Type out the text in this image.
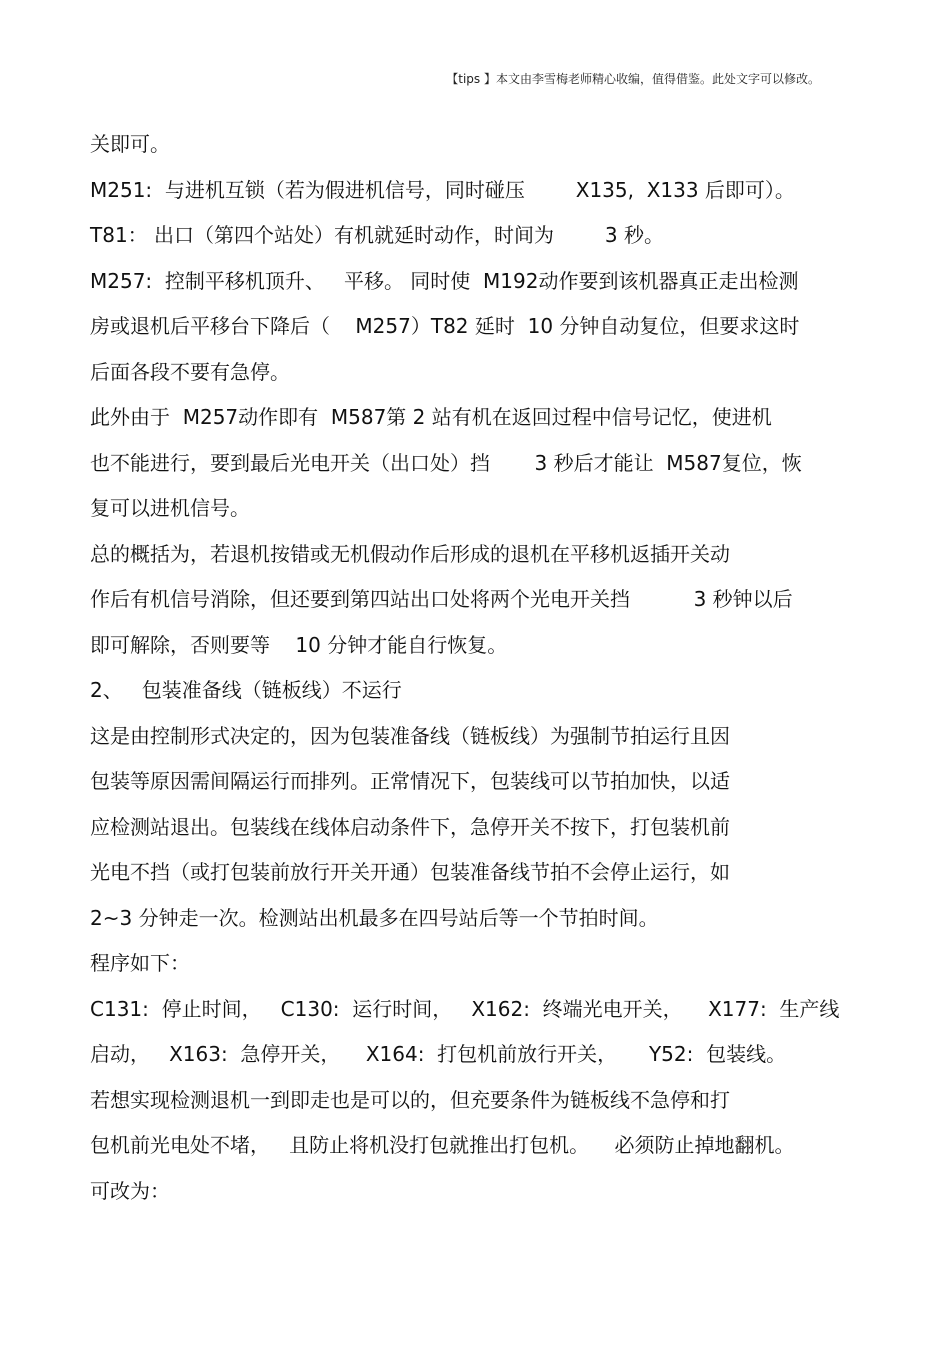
【tips 】本文由李雪梅老师精心收编，值得借鉴。此处文字可以修改。
关即可。
M251:  与进机互锁（若为假进机信号，同时碰压        X135,  X133 后即可）。
T81： 出口（第四个站处）有机就延时动作，时间为        3 秒。
M257:  控制平移机顶升、   平移。 同时使  M192动作要到该机器真正走出检测
房或退机后平移台下降后（    M257）T82 延时  10 分钟自动复位，但要求这时
后面各段不要有急停。
此外由于  M257动作即有  M587第 2 站有机在返回过程中信号记忆，使进机
也不能进行，要到最后光电开关（出口处）挡       3 秒后才能让  M587复位，恢
复可以进机信号。
总的概括为，若退机按错或无机假动作后形成的退机在平移机返插开关动
作后有机信号消除，但还要到第四站出口处将两个光电开关挡          3 秒钟以后
即可解除，否则要等    10 分钟才能自行恢复。
2、   包装准备线（链板线）不运行
这是由控制形式决定的，因为包装准备线（链板线）为强制节拍运行且因
包装等原因需间隔运行而排列。正常情况下，包装线可以节拍加快，以适
应检测站退出。包装线在线体启动条件下，急停开关不按下，打包装机前
光电不挡（或打包装前放行开关开通）包装准备线节拍不会停止运行，如
2~3 分钟走一次。检测站出机最多在四号站后等一个节拍时间。
程序如下：
C131:  停止时间，   C130:  运行时间，   X162:  终端光电开关，    X177:  生产线
启动，   X163:  急停开关，    X164:  打包机前放行开关，     Y52:  包装线。
若想实现检测退机一到即走也是可以的，但充要条件为链板线不急停和打
包机前光电处不堵，   且防止将机没打包就推出打包机。    必须防止掉地翻机。
可改为：
